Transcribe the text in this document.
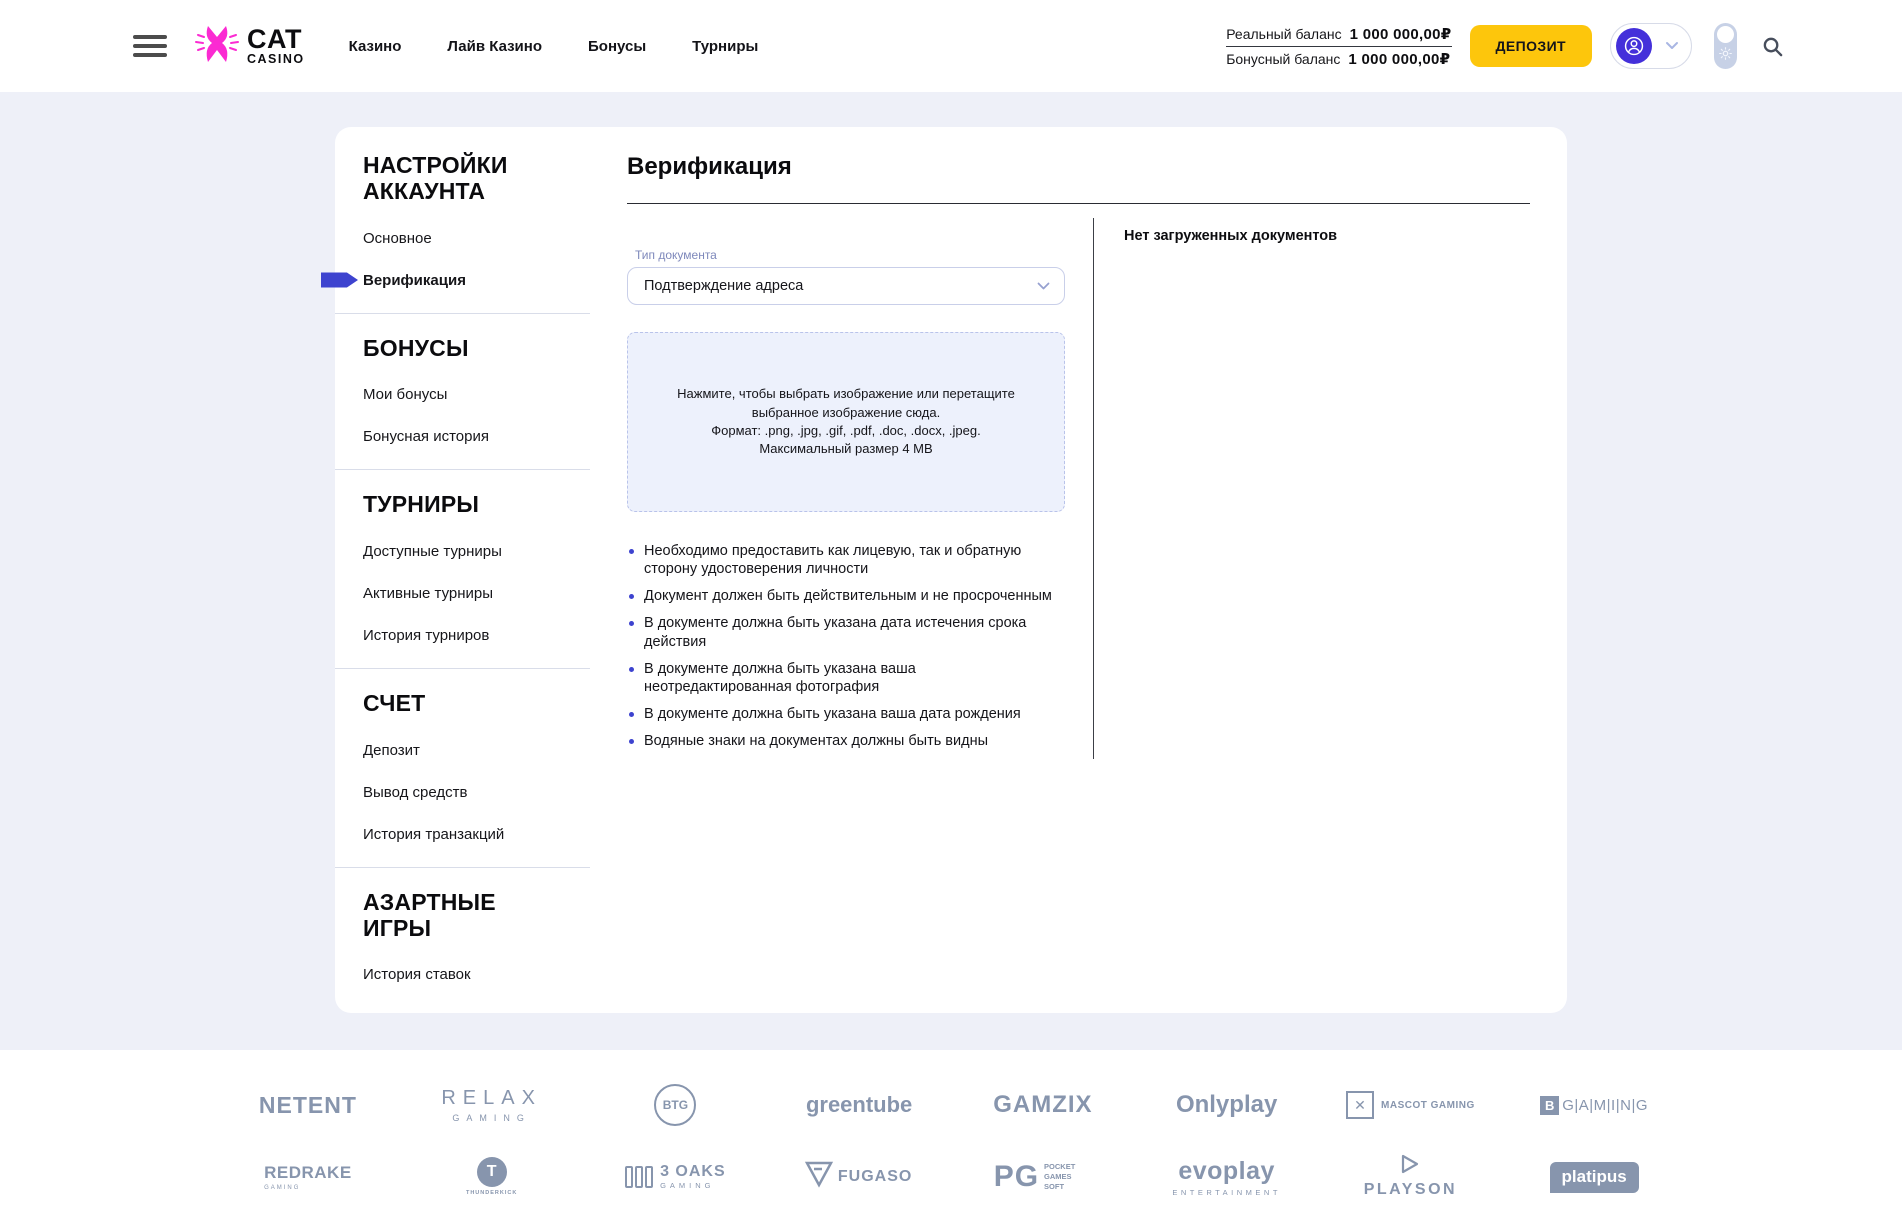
CAT
CASINO
Казино	Лайв Казино	Бонусы	Турниры
Реальный баланс 1 000 000,00₽
Бонусный баланс 1 000 000,00₽
ДЕПОЗИТ
НАСТРОЙКИ АККАУНТА
Основное
Верификация
БОНУСЫ
Мои бонусы
Бонусная история
ТУРНИРЫ
Доступные турниры
Активные турниры
История турниров
СЧЕТ
Депозит
Вывод средств
История транзакций
АЗАРТНЫЕ ИГРЫ
История ставок
Верификация
Тип документа
Подтверждение адреса
Нажмите, чтобы выбрать изображение или перетащите выбранное изображение сюда.
Формат: .png, .jpg, .gif, .pdf, .doc, .docx, .jpeg.
Максимальный размер 4 МВ
Необходимо предоставить как лицевую, так и обратную сторону удостоверения личности
Документ должен быть действительным и не просроченным
В документе должна быть указана дата истечения срока действия
В документе должна быть указана ваша неотредактированная фотография
В документе должна быть указана ваша дата рождения
Водяные знаки на документах должны быть видны
Нет загруженных документов
NETENT	RELAX
GAMING
BTG	greentube	GAMZIX	Onlyplay	✕	MASCOT GAMING	B G|A|M|I|N|G
REDRAKE
GAMING
T
THUNDERKICK
3 OAKS
GAMING
FUGASO	PG POCKET GAMES SOFT
evoplay
ENTERTAINMENT	PLAYSON
platipus
